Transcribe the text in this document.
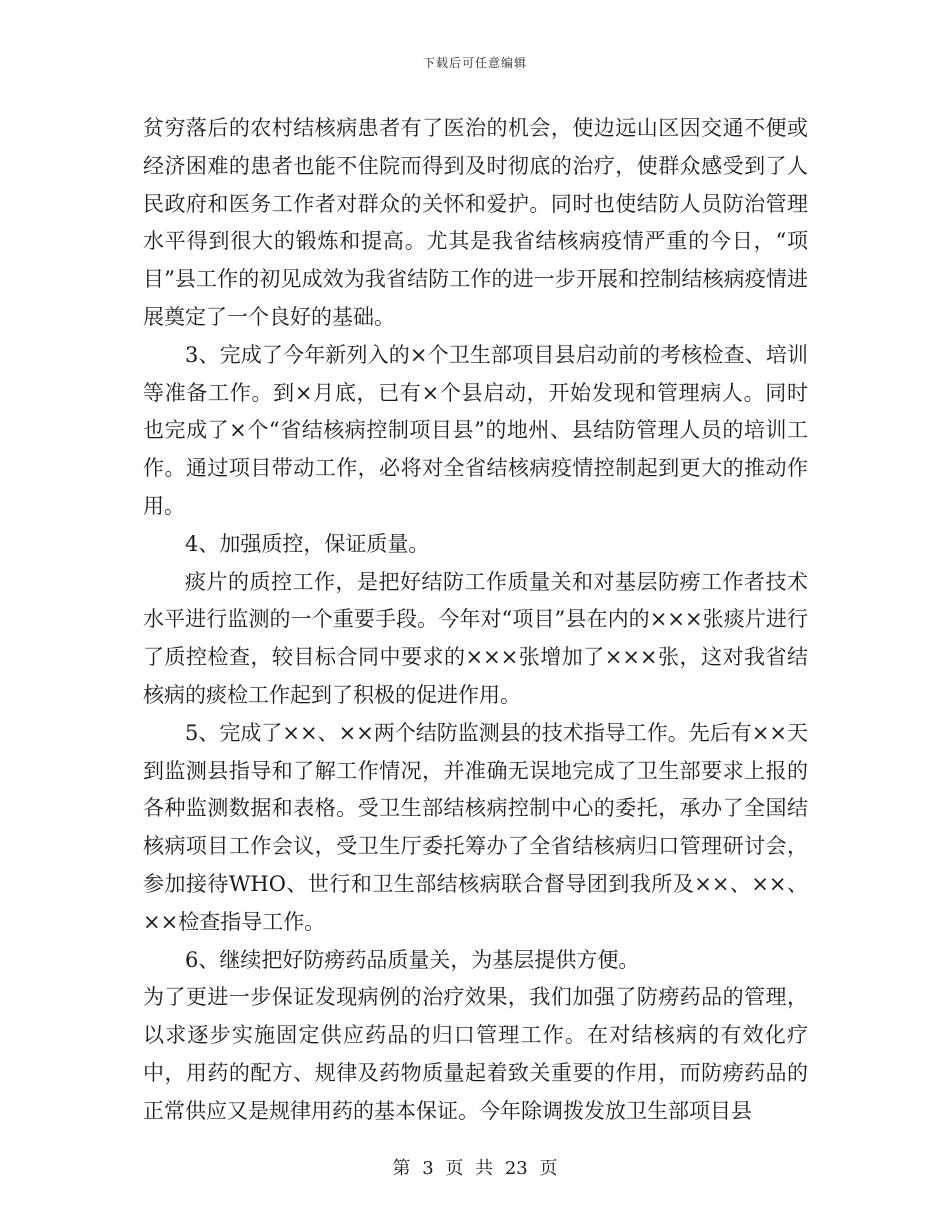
下载后可任意编辑

贫穷落后的农村结核病患者有了医治的机会，使边远山区因交通不便或经济困难的患者也能不住院而得到及时彻底的治疗，使群众感受到了人民政府和医务工作者对群众的关怀和爱护。同时也使结防人员防治管理水平得到很大的锻炼和提高。尤其是我省结核病疫情严重的今日，“项目”县工作的初见成效为我省结防工作的进一步开展和控制结核病疫情进展奠定了一个良好的基础。

3、完成了今年新列入的×个卫生部项目县启动前的考核检查、培训等准备工作。到×月底，已有×个县启动，开始发现和管理病人。同时也完成了×个“省结核病控制项目县”的地州、县结防管理人员的培训工作。通过项目带动工作，必将对全省结核病疫情控制起到更大的推动作用。

4、加强质控，保证质量。

痰片的质控工作，是把好结防工作质量关和对基层防痨工作者技术水平进行监测的一个重要手段。今年对“项目”县在内的×××张痰片进行了质控检查，较目标合同中要求的×××张增加了×××张，这对我省结核病的痰检工作起到了积极的促进作用。

5、完成了××、××两个结防监测县的技术指导工作。先后有××天到监测县指导和了解工作情况，并准确无误地完成了卫生部要求上报的各种监测数据和表格。受卫生部结核病控制中心的委托，承办了全国结核病项目工作会议，受卫生厅委托筹办了全省结核病归口管理研讨会，参加接待WHO、世行和卫生部结核病联合督导团到我所及××、××、××检查指导工作。

6、继续把好防痨药品质量关，为基层提供方便。

为了更进一步保证发现病例的治疗效果，我们加强了防痨药品的管理，以求逐步实施固定供应药品的归口管理工作。在对结核病的有效化疗中，用药的配方、规律及药物质量起着致关重要的作用，而防痨药品的正常供应又是规律用药的基本保证。今年除调拨发放卫生部项目县

第 3 页 共 23 页
